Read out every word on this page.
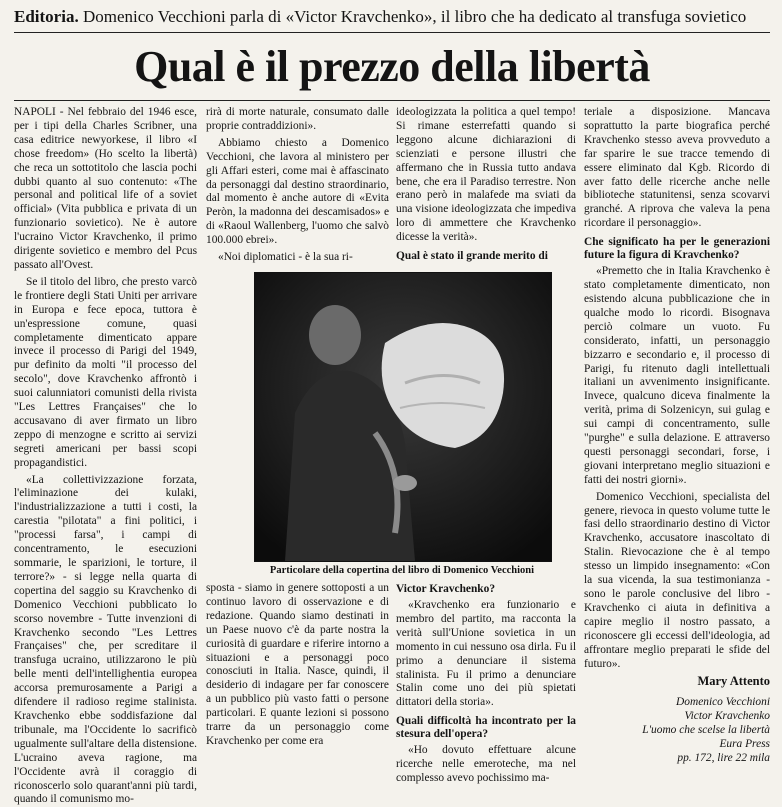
Editoria. Domenico Vecchioni parla di «Victor Kravchenko», il libro che ha dedicato al transfuga sovietico
Qual è il prezzo della libertà

NAPOLI - Nel febbraio del 1946 esce, per i tipi della Charles Scribner, una casa editrice newyorkese, il libro «I chose freedom» (Ho scelto la libertà) che reca un sottotitolo che lascia pochi dubbi quanto al suo contenuto: «The personal and political life of a soviet official» (Vita pubblica e privata di un funzionario sovietico). Ne è autore l'ucraino Victor Kravchenko, il primo dirigente sovietico e membro del Pcus passato all'Ovest.

Se il titolo del libro, che presto varcò le frontiere degli Stati Uniti per arrivare in Europa e fece epoca, tuttora è un'espressione comune, quasi completamente dimenticato appare invece il processo di Parigi del 1949, pur definito da molti "il processo del secolo", dove Kravchenko affrontò i suoi calunniatori comunisti della rivista "Les Lettres Françaises" che lo accusavano di aver firmato un libro zeppo di menzogne e scritto ai servizi segreti americani per bassi scopi propagandistici.

«La collettivizzazione forzata, l'eliminazione dei kulaki, l'industrializzazione a tutti i costi, la carestia "pilotata" a fini politici, i "processi farsa", i campi di concentramento, le esecuzioni sommarie, le sparizioni, le torture, il terrore?» - si legge nella quarta di copertina del saggio su Kravchenko di Domenico Vecchioni pubblicato lo scorso novembre - Tutte invenzioni di Kravchenko secondo "Les Lettres Françaises" che, per screditare il transfuga ucraino, utilizzarono le più belle menti dell'intellighentia europea accorsa premurosamente a Parigi a difendere il radioso regime stalinista. Kravchenko ebbe soddisfazione dal tribunale, ma l'Occidente lo sacrificò ugualmente sull'altare della distensione. L'ucraino aveva ragione, ma l'Occidente avrà il coraggio di riconoscerlo solo quarant'anni più tardi, quando il comunismo mo-

rirà di morte naturale, consumato dalle proprie contraddizioni».

Abbiamo chiesto a Domenico Vecchioni, che lavora al ministero per gli Affari esteri, come mai è affascinato da personaggi dal destino straordinario, dal momento è anche autore di «Evita Peròn, la madonna dei descamisados» e di «Raoul Wallenberg, l'uomo che salvò 100.000 ebrei».

«Noi diplomatici - è la sua ri-

ideologizzata la politica a quel tempo! Si rimane esterrefatti quando si leggono alcune dichiarazioni di scienziati e persone illustri che affermano che in Russia tutto andava bene, che era il Paradiso terrestre. Non erano però in malafede ma sviati da una visione ideologizzata che impediva loro di ammettere che Kravchenko dicesse la verità».

Qual è stato il grande merito di

Particolare della copertina del libro di Domenico Vecchioni

sposta - siamo in genere sottoposti a un continuo lavoro di osservazione e di redazione. Quando siamo destinati in un Paese nuovo c'è da parte nostra la curiosità di guardare e riferire intorno a situazioni e a personaggi poco conosciuti in Italia. Nasce, quindi, il desiderio di indagare per far conoscere a un pubblico più vasto fatti o persone particolari. E quante lezioni si possono trarre da un personaggio come Kravchenko per come era

Victor Kravchenko?

«Kravchenko era funzionario e membro del partito, ma racconta la verità sull'Unione sovietica in un momento in cui nessuno osa dirla. Fu il primo a denunciare il sistema stalinista. Fu il primo a denunciare Stalin come uno dei più spietati dittatori della storia».

Quali difficoltà ha incontrato per la stesura dell'opera?

«Ho dovuto effettuare alcune ricerche nelle emeroteche, ma nel complesso avevo pochissimo ma-

teriale a disposizione. Mancava soprattutto la parte biografica perché Kravchenko stesso aveva provveduto a far sparire le sue tracce temendo di essere eliminato dal Kgb. Ricordo di aver fatto delle ricerche anche nelle biblioteche statunitensi, senza scovarvi granché. A riprova che valeva la pena ricordare il personaggio».

Che significato ha per le generazioni future la figura di Kravchenko?

«Premetto che in Italia Kravchenko è stato completamente dimenticato, non esistendo alcuna pubblicazione che in qualche modo lo ricordi. Bisognava perciò colmare un vuoto. Fu considerato, infatti, un personaggio bizzarro e secondario e, il processo di Parigi, fu ritenuto dagli intellettuali italiani un avvenimento insignificante. Invece, qualcuno diceva finalmente la verità, prima di Solzenicyn, sui gulag e sui campi di concentramento, sulle "purghe" e sulla delazione. E attraverso questi personaggi secondari, forse, i giovani interpretano meglio situazioni e fatti dei nostri giorni».

Domenico Vecchioni, specialista del genere, rievoca in questo volume tutte le fasi dello straordinario destino di Victor Kravchenko, accusatore inascoltato di Stalin. Rievocazione che è al tempo stesso un limpido insegnamento: «Con la sua vicenda, la sua testimonianza - sono le parole conclusive del libro - Kravchenko ci aiuta in definitiva a capire meglio il nostro passato, a riconoscere gli eccessi dell'ideologia, ad affrontare meglio preparati le sfide del futuro».

Mary Attento
Domenico Vecchioni
Victor Kravchenko
L'uomo che scelse la libertà
Eura Press
pp. 172, lire 22 mila
